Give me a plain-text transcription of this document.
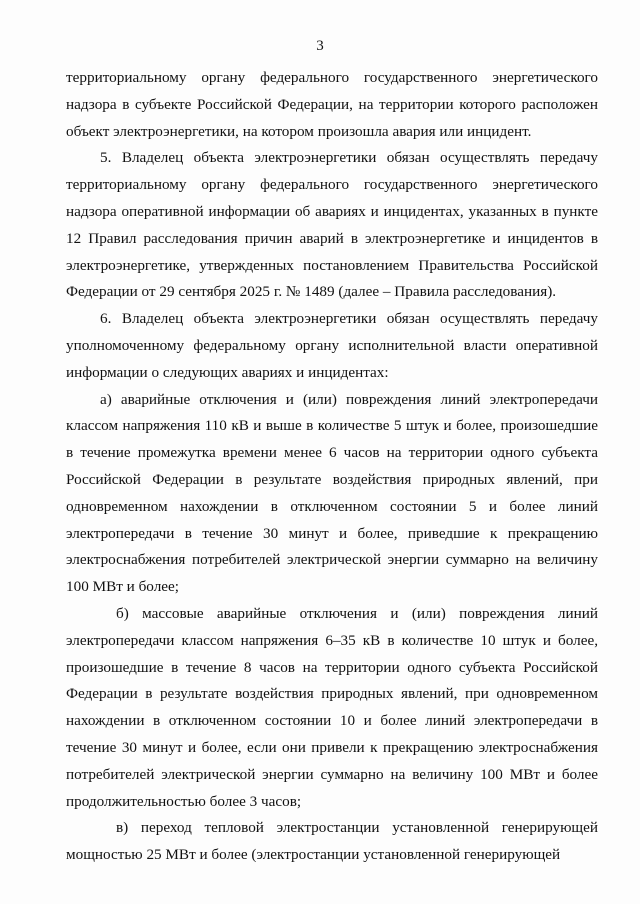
3

территориальному органу федерального государственного энергетического надзора в субъекте Российской Федерации, на территории которого расположен объект электроэнергетики, на котором произошла авария или инцидент.

5. Владелец объекта электроэнергетики обязан осуществлять передачу территориальному органу федерального государственного энергетического надзора оперативной информации об авариях и инцидентах, указанных в пункте 12 Правил расследования причин аварий в электроэнергетике и инцидентов в электроэнергетике, утвержденных постановлением Правительства Российской Федерации от 29 сентября 2025 г. № 1489 (далее – Правила расследования).

6. Владелец объекта электроэнергетики обязан осуществлять передачу уполномоченному федеральному органу исполнительной власти оперативной информации о следующих авариях и инцидентах:

а) аварийные отключения и (или) повреждения линий электропередачи классом напряжения 110 кВ и выше в количестве 5 штук и более, произошедшие в течение промежутка времени менее 6 часов на территории одного субъекта Российской Федерации в результате воздействия природных явлений, при одновременном нахождении в отключенном состоянии 5 и более линий электропередачи в течение 30 минут и более, приведшие к прекращению электроснабжения потребителей электрической энергии суммарно на величину 100 МВт и более;

б) массовые аварийные отключения и (или) повреждения линий электропередачи классом напряжения 6–35 кВ в количестве 10 штук и более, произошедшие в течение 8 часов на территории одного субъекта Российской Федерации в результате воздействия природных явлений, при одновременном нахождении в отключенном состоянии 10 и более линий электропередачи в течение 30 минут и более, если они привели к прекращению электроснабжения потребителей электрической энергии суммарно на величину 100 МВт и более продолжительностью более 3 часов;

в) переход тепловой электростанции установленной генерирующей мощностью 25 МВт и более (электростанции установленной генерирующей
